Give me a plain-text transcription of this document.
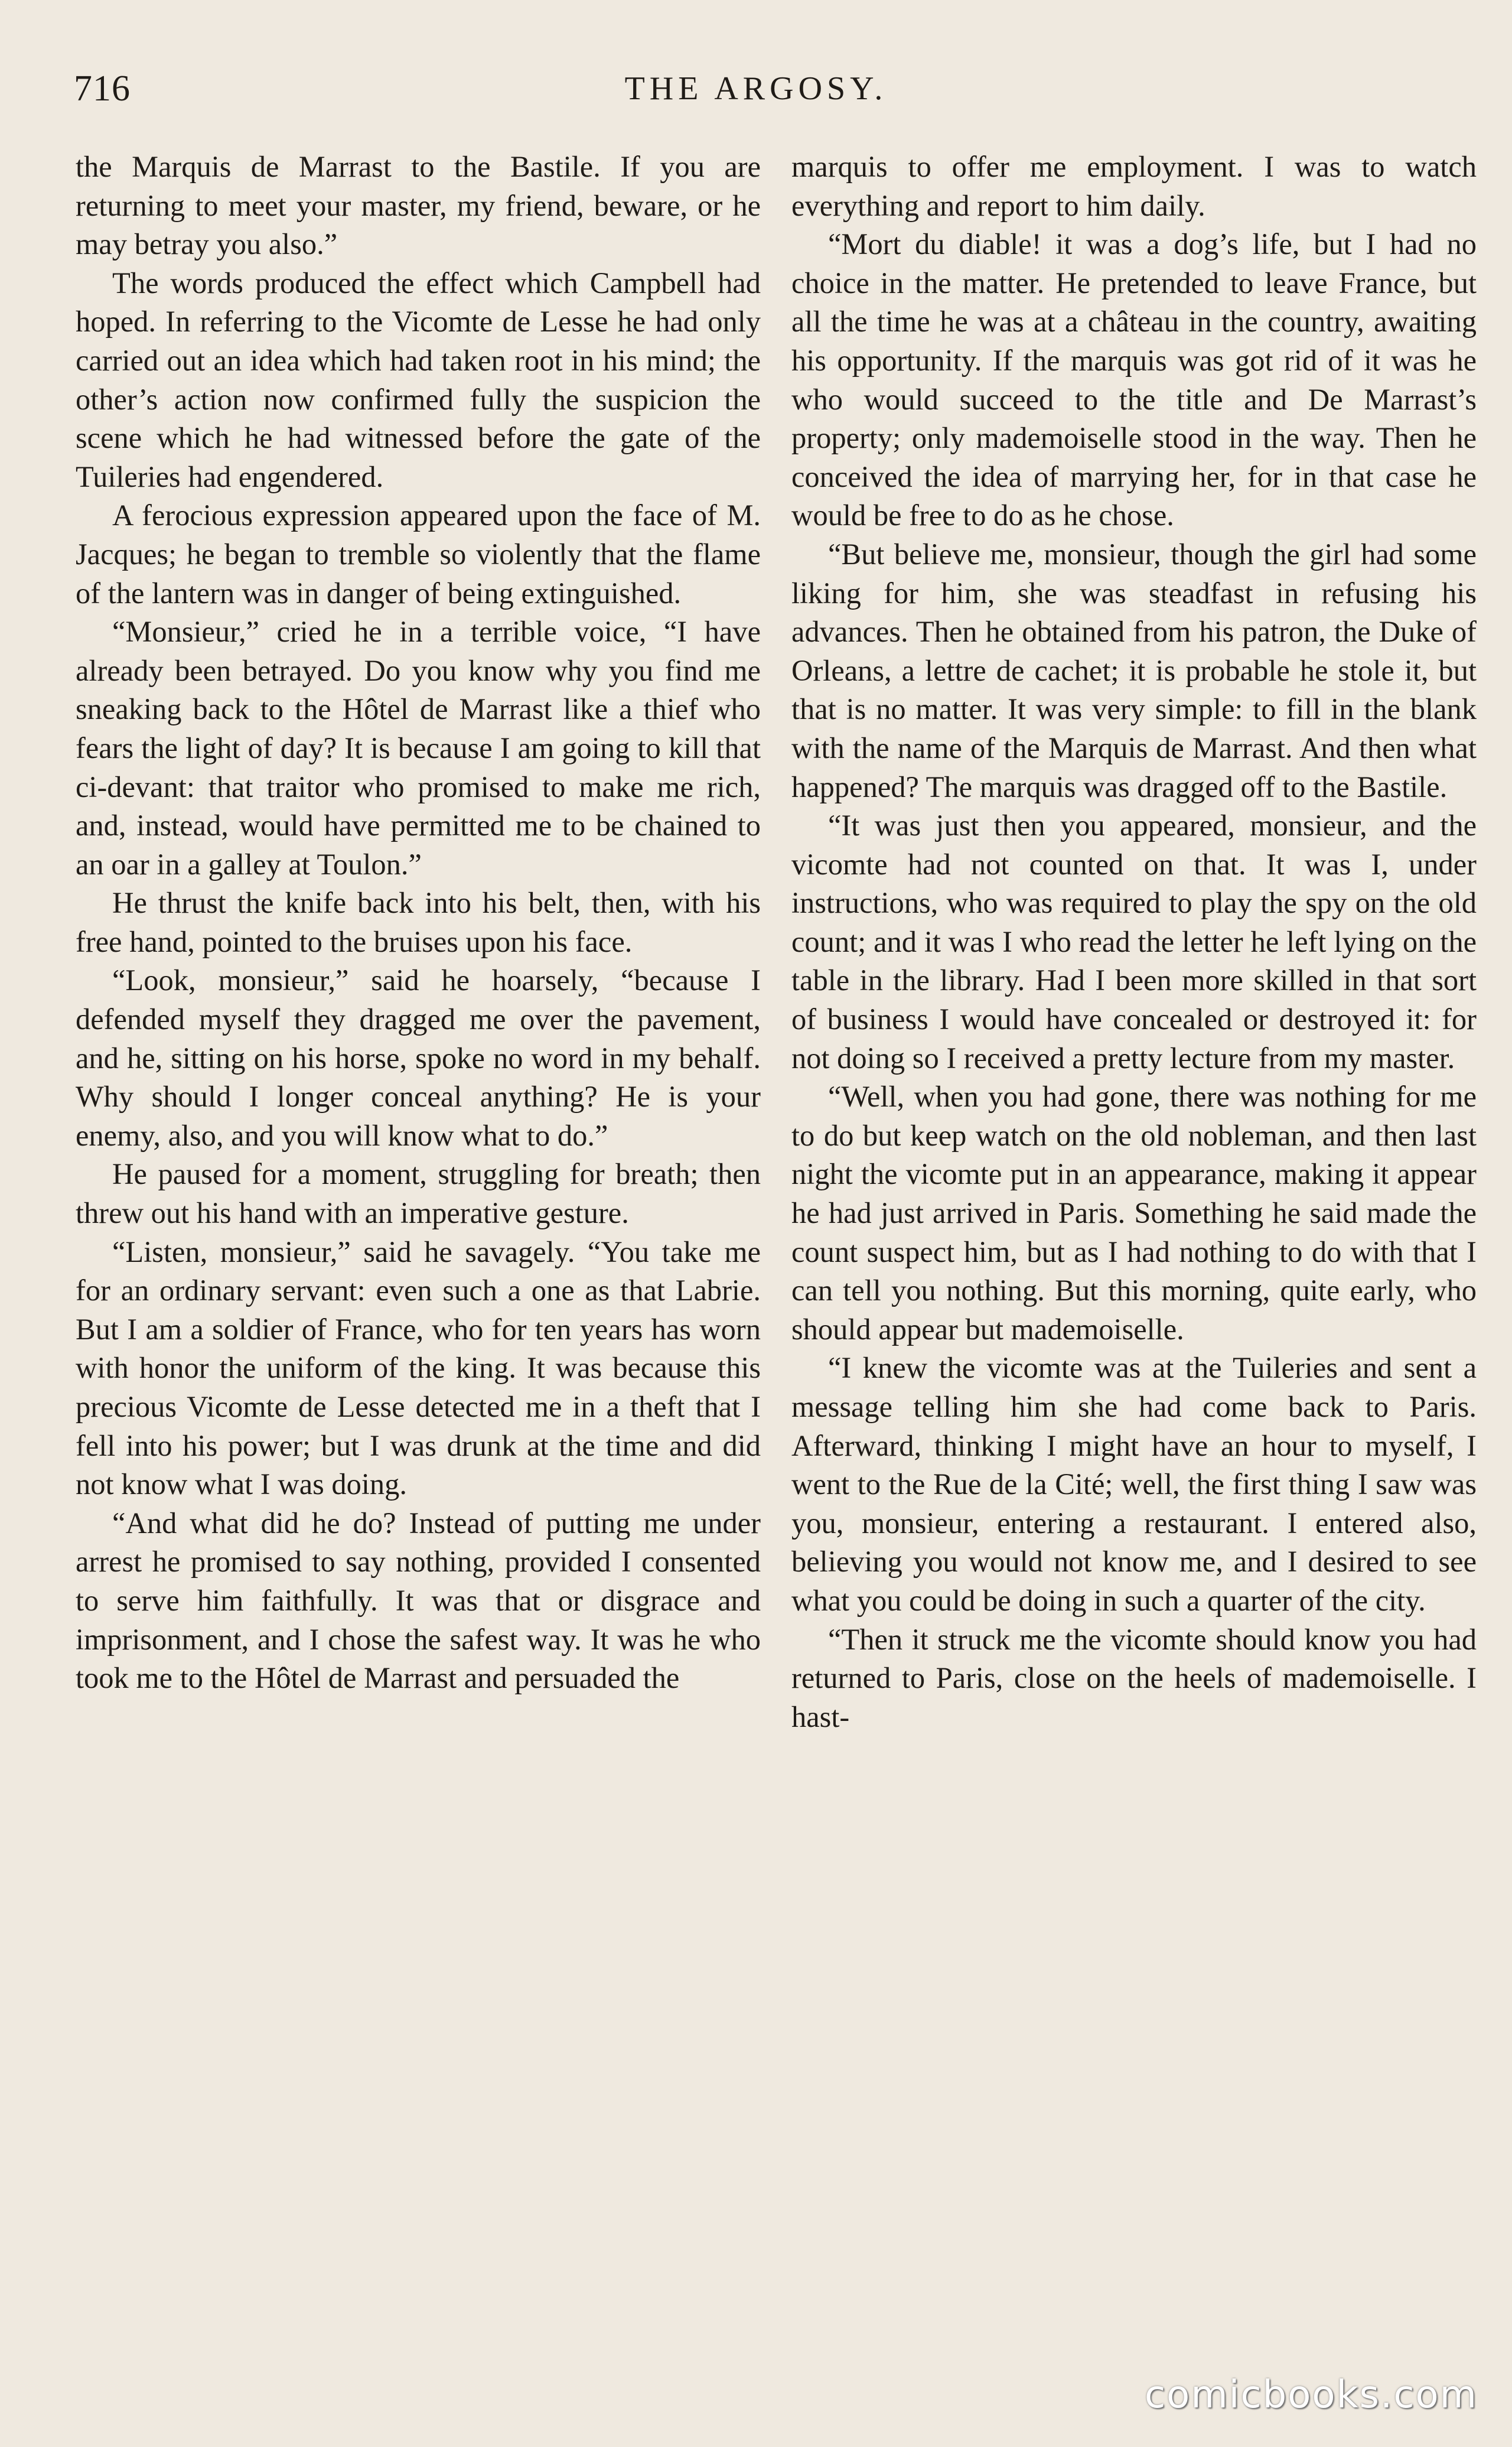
716	THE ARGOSY.

the Marquis de Marrast to the Bastile. If you are returning to meet your master, my friend, beware, or he may betray you also.”

The words produced the effect which Campbell had hoped. In referring to the Vicomte de Lesse he had only carried out an idea which had taken root in his mind; the other’s action now confirmed fully the suspicion the scene which he had witnessed before the gate of the Tuileries had engendered.

A ferocious expression appeared upon the face of M. Jacques; he began to tremble so violently that the flame of the lantern was in danger of being extinguished.

“Monsieur,” cried he in a terrible voice, “I have already been betrayed. Do you know why you find me sneaking back to the Hôtel de Marrast like a thief who fears the light of day? It is because I am going to kill that ci-devant: that traitor who promised to make me rich, and, instead, would have permitted me to be chained to an oar in a galley at Toulon.”

He thrust the knife back into his belt, then, with his free hand, pointed to the bruises upon his face.

“Look, monsieur,” said he hoarsely, “because I defended myself they dragged me over the pavement, and he, sitting on his horse, spoke no word in my behalf. Why should I longer conceal anything? He is your enemy, also, and you will know what to do.”

He paused for a moment, struggling for breath; then threw out his hand with an imperative gesture.

“Listen, monsieur,” said he savagely. “You take me for an ordinary servant: even such a one as that Labrie. But I am a soldier of France, who for ten years has worn with honor the uniform of the king. It was because this precious Vicomte de Lesse detected me in a theft that I fell into his power; but I was drunk at the time and did not know what I was doing.

“And what did he do? Instead of putting me under arrest he promised to say nothing, provided I consented to serve him faithfully. It was that or disgrace and imprisonment, and I chose the safest way. It was he who took me to the Hôtel de Marrast and persuaded the

marquis to offer me employment. I was to watch everything and report to him daily.

“Mort du diable! it was a dog’s life, but I had no choice in the matter. He pretended to leave France, but all the time he was at a château in the country, awaiting his opportunity. If the marquis was got rid of it was he who would succeed to the title and De Marrast’s property; only mademoiselle stood in the way. Then he conceived the idea of marrying her, for in that case he would be free to do as he chose.

“But believe me, monsieur, though the girl had some liking for him, she was steadfast in refusing his advances. Then he obtained from his patron, the Duke of Orleans, a lettre de cachet; it is probable he stole it, but that is no matter. It was very simple: to fill in the blank with the name of the Marquis de Marrast. And then what happened? The marquis was dragged off to the Bastile.

“It was just then you appeared, monsieur, and the vicomte had not counted on that. It was I, under instructions, who was required to play the spy on the old count; and it was I who read the letter he left lying on the table in the library. Had I been more skilled in that sort of business I would have concealed or destroyed it: for not doing so I received a pretty lecture from my master.

“Well, when you had gone, there was nothing for me to do but keep watch on the old nobleman, and then last night the vicomte put in an appearance, making it appear he had just arrived in Paris. Something he said made the count suspect him, but as I had nothing to do with that I can tell you nothing. But this morning, quite early, who should appear but mademoiselle.

“I knew the vicomte was at the Tuileries and sent a message telling him she had come back to Paris. Afterward, thinking I might have an hour to myself, I went to the Rue de la Cité; well, the first thing I saw was you, monsieur, entering a restaurant. I entered also, believing you would not know me, and I desired to see what you could be doing in such a quarter of the city.

“Then it struck me the vicomte should know you had returned to Paris, close on the heels of mademoiselle. I hast-

comicbooks.com
